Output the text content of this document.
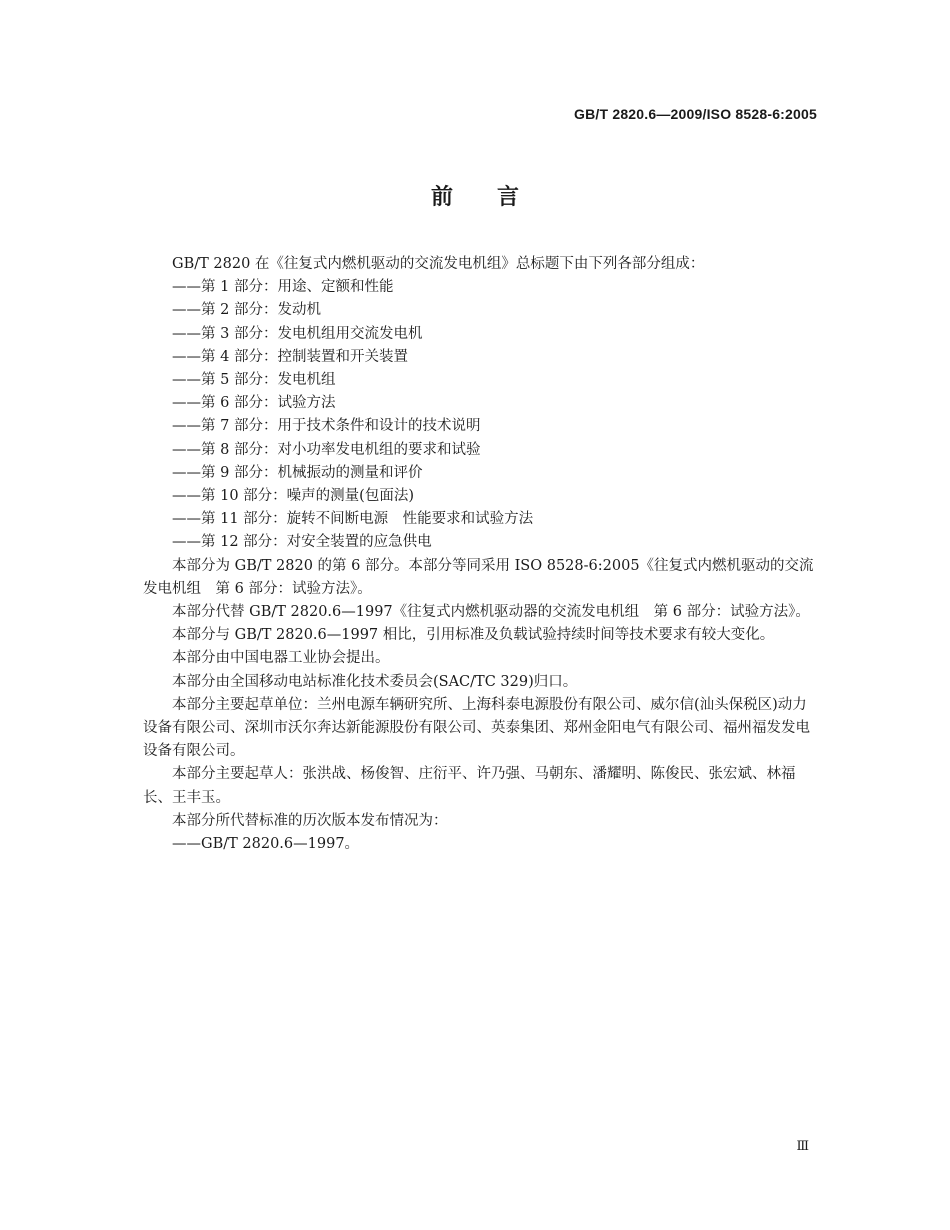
GB/T 2820.6—2009/ISO 8528-6:2005
前言

GB/T 2820 在《往复式内燃机驱动的交流发电机组》总标题下由下列各部分组成：

——第 1 部分：用途、定额和性能

——第 2 部分：发动机

——第 3 部分：发电机组用交流发电机

——第 4 部分：控制装置和开关装置

——第 5 部分：发电机组

——第 6 部分：试验方法

——第 7 部分：用于技术条件和设计的技术说明

——第 8 部分：对小功率发电机组的要求和试验

——第 9 部分：机械振动的测量和评价

——第 10 部分：噪声的测量(包面法)

——第 11 部分：旋转不间断电源　性能要求和试验方法

——第 12 部分：对安全装置的应急供电

本部分为 GB/T 2820 的第 6 部分。本部分等同采用 ISO 8528-6:2005《往复式内燃机驱动的交流发电机组　第 6 部分：试验方法》。

本部分代替 GB/T 2820.6—1997《往复式内燃机驱动器的交流发电机组　第 6 部分：试验方法》。

本部分与 GB/T 2820.6—1997 相比，引用标准及负载试验持续时间等技术要求有较大变化。

本部分由中国电器工业协会提出。

本部分由全国移动电站标准化技术委员会(SAC/TC 329)归口。

本部分主要起草单位：兰州电源车辆研究所、上海科泰电源股份有限公司、威尔信(汕头保税区)动力设备有限公司、深圳市沃尔奔达新能源股份有限公司、英泰集团、郑州金阳电气有限公司、福州福发发电设备有限公司。

本部分主要起草人：张洪战、杨俊智、庄衍平、许乃强、马朝东、潘耀明、陈俊民、张宏斌、林福长、王丰玉。

本部分所代替标准的历次版本发布情况为：

——GB/T 2820.6—1997。

Ⅲ
